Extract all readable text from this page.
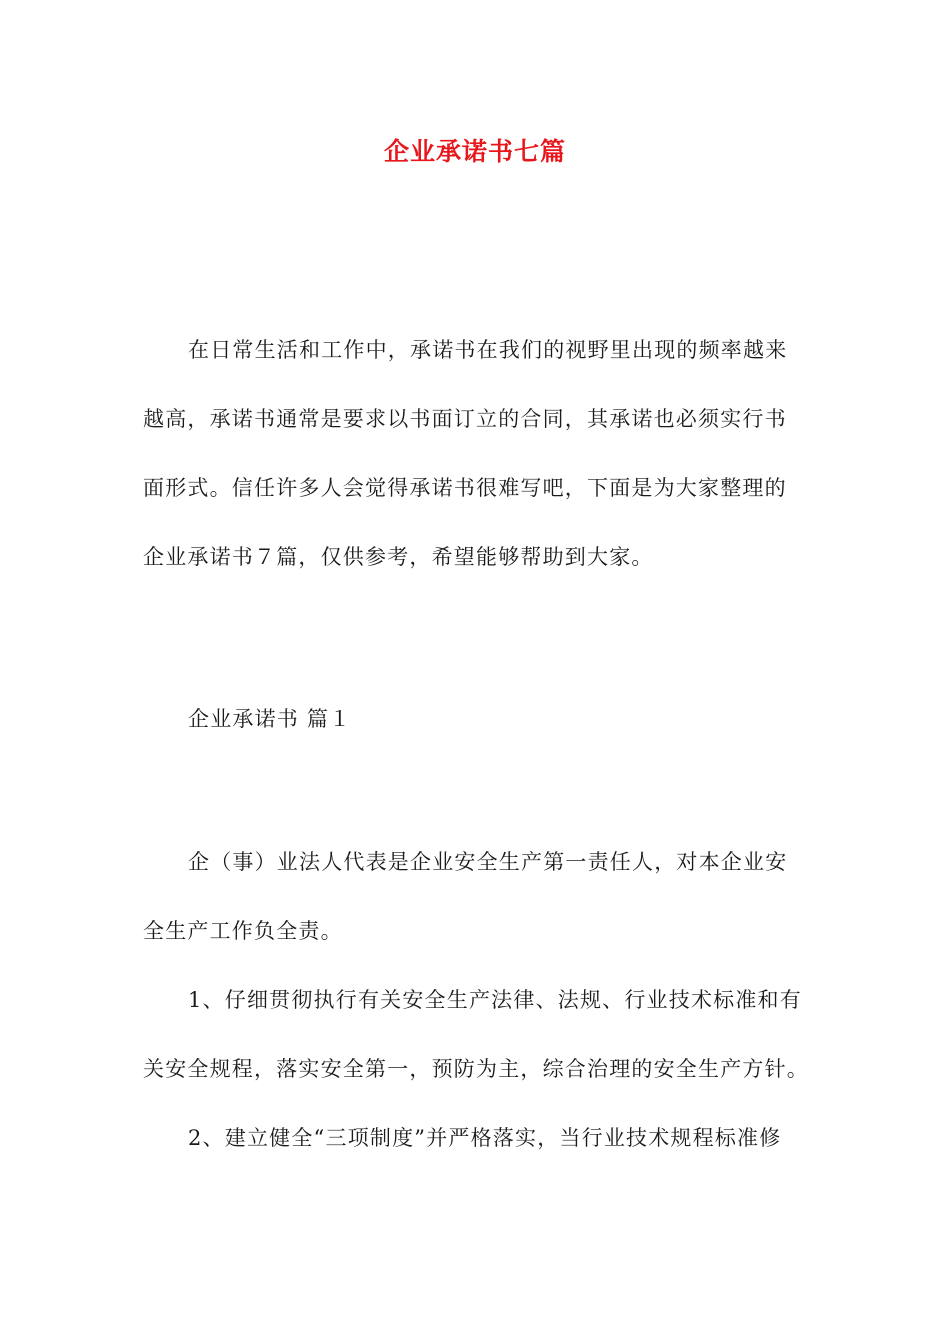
企业承诺书七篇
在日常生活和工作中，承诺书在我们的视野里出现的频率越来
越高，承诺书通常是要求以书面订立的合同，其承诺也必须实行书
面形式。信任许多人会觉得承诺书很难写吧，下面是为大家整理的
企业承诺书７篇，仅供参考，希望能够帮助到大家。
企业承诺书 篇１
企（事）业法人代表是企业安全生产第一责任人，对本企业安
全生产工作负全责。
1、仔细贯彻执行有关安全生产法律、法规、行业技术标准和有
关安全规程，落实安全第一，预防为主，综合治理的安全生产方针。
2、建立健全“三项制度”并严格落实，当行业技术规程标准修
